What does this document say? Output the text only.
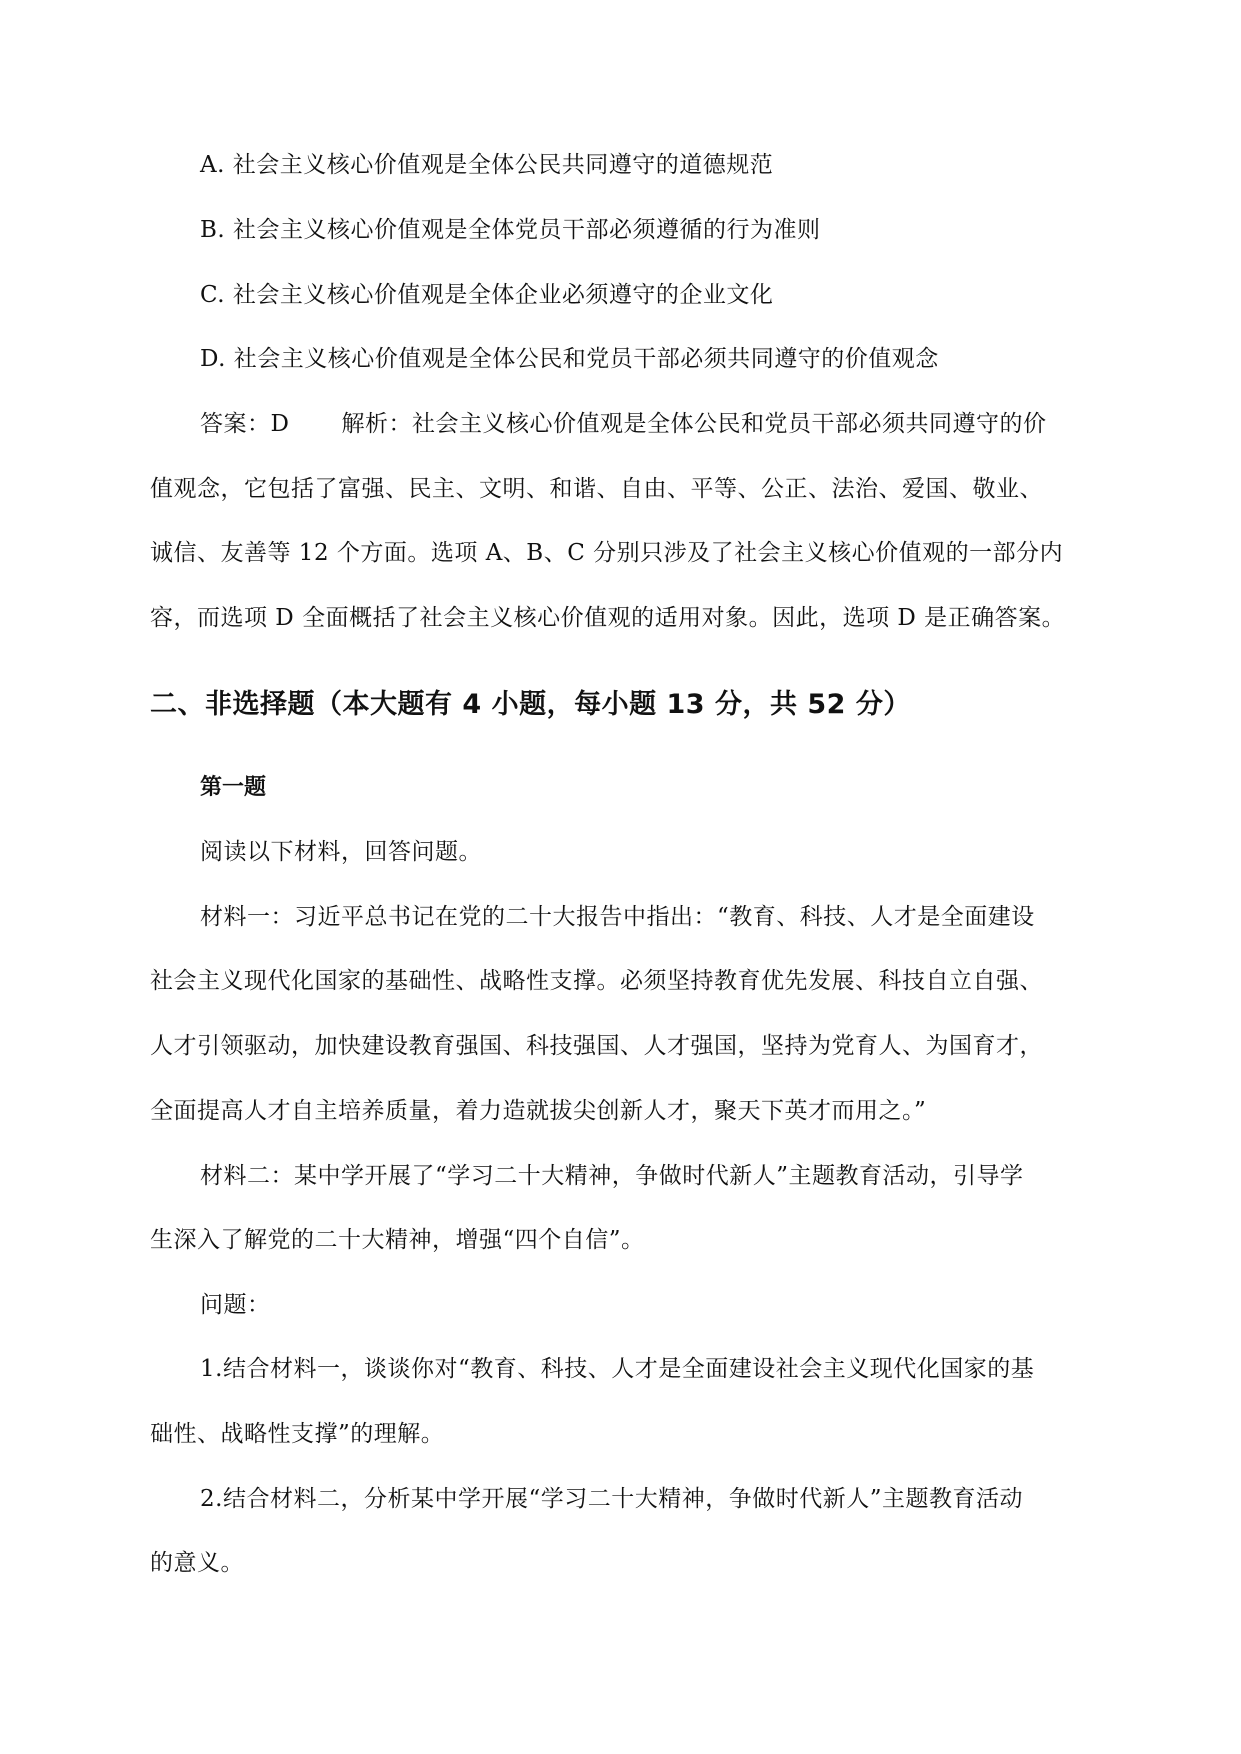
A. 社会主义核心价值观是全体公民共同遵守的道德规范
B. 社会主义核心价值观是全体党员干部必须遵循的行为准则
C. 社会主义核心价值观是全体企业必须遵守的企业文化
D. 社会主义核心价值观是全体公民和党员干部必须共同遵守的价值观念
答案：D 解析：社会主义核心价值观是全体公民和党员干部必须共同遵守的价
值观念，它包括了富强、民主、文明、和谐、自由、平等、公正、法治、爱国、敬业、
诚信、友善等 12 个方面。选项 A、B、C 分别只涉及了社会主义核心价值观的一部分内
容，而选项 D 全面概括了社会主义核心价值观的适用对象。因此，选项 D 是正确答案。
二、非选择题（本大题有 4 小题，每小题 13 分，共 52 分）
第一题
阅读以下材料，回答问题。
材料一：习近平总书记在党的二十大报告中指出：“教育、科技、人才是全面建设
社会主义现代化国家的基础性、战略性支撑。必须坚持教育优先发展、科技自立自强、
人才引领驱动，加快建设教育强国、科技强国、人才强国，坚持为党育人、为国育才，
全面提高人才自主培养质量，着力造就拔尖创新人才，聚天下英才而用之。”
材料二：某中学开展了“学习二十大精神，争做时代新人”主题教育活动，引导学
生深入了解党的二十大精神，增强“四个自信”。
问题：
1.结合材料一，谈谈你对“教育、科技、人才是全面建设社会主义现代化国家的基
础性、战略性支撑”的理解。
2.结合材料二，分析某中学开展“学习二十大精神，争做时代新人”主题教育活动
的意义。
